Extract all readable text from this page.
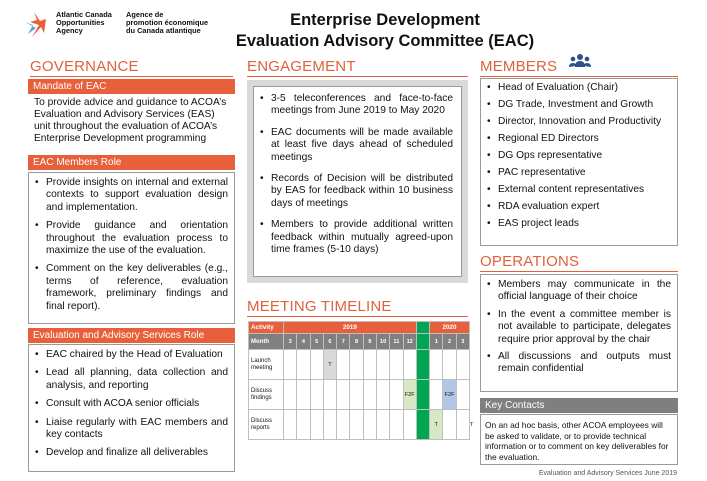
Atlantic Canada
Opportunities
Agency
Agence de
promotion économique
du Canada atlantique
Enterprise Development
Evaluation Advisory Committee (EAC)
GOVERNANCE
Mandate of EAC
To provide advice and guidance to ACOA’s Evaluation and Advisory Services (EAS) unit throughout the evaluation of ACOA’s Enterprise Development programming
EAC Members Role
• Provide insights on internal and external contexts to support evaluation design and implementation.
• Provide guidance and orientation throughout the evaluation process to maximize the use of the evaluation.
• Comment on the key deliverables (e.g., terms of reference, evaluation framework, preliminary findings and final report).
Evaluation and Advisory Services Role
• EAC chaired by the Head of Evaluation
• Lead all planning, data collection and analysis, and reporting
• Consult with ACOA senior officials
• Liaise regularly with EAC members and key contacts
• Develop and finalize all deliverables
ENGAGEMENT
• 3-5 teleconferences and face-to-face meetings from June 2019 to May 2020
• EAC documents will be made available at least five days ahead of scheduled meetings
• Records of Decision will be distributed by EAS for feedback within 10 business days of meetings
• Members to provide additional written feedback within mutually agreed-upon time frames (5-10 days)
MEETING TIMELINE
Activity	2019											2020			
Month	3	4	5	6	7	8	9	10	11	12		1	2	3	4
Launch meeting				T											
Discuss findings										F2F			F2F		
Discuss reports												T			T
MEMBERS
• Head of Evaluation (Chair)
• DG Trade, Investment and Growth
• Director, Innovation and Productivity
• Regional ED Directors
• DG Ops representative
• PAC representative
• External content representatives
• RDA evaluation expert
• EAS project leads
OPERATIONS
• Members may communicate in the official language of their choice
• In the event a committee member is not available to participate, delegates require prior approval by the chair
• All discussions and outputs must remain confidential
Key Contacts
On an ad hoc basis, other ACOA employees will be asked to validate, or to provide technical information or to comment on key deliverables for the evaluation.
Evaluation and Advisory Services June 2019
